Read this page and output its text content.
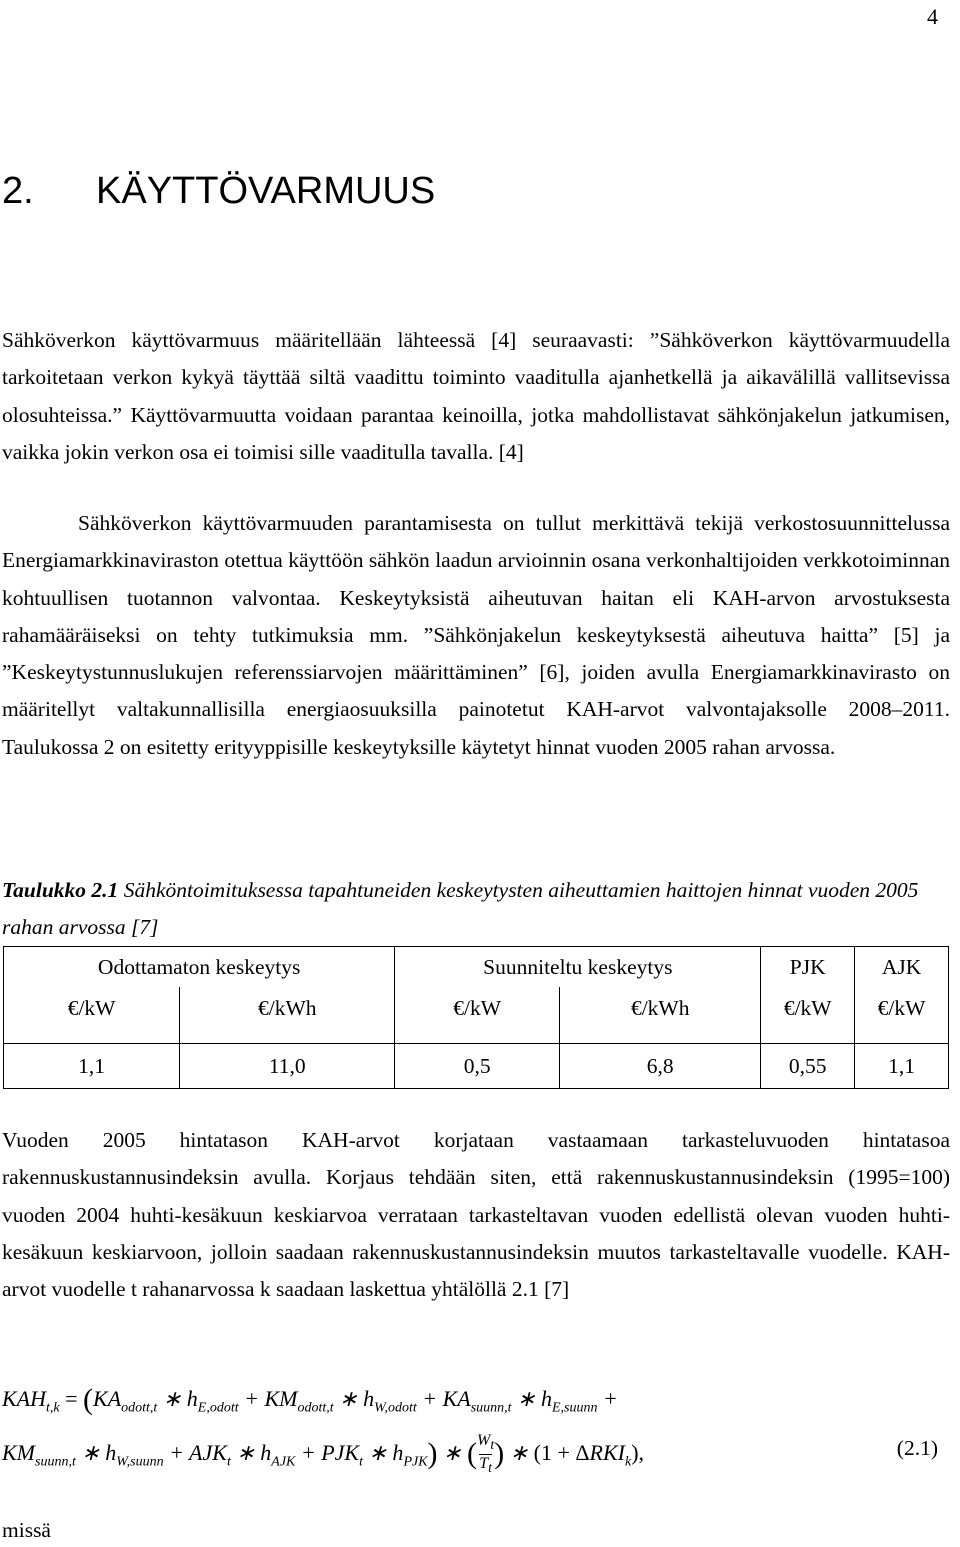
4
2. KÄYTTÖVARMUUS

Sähköverkon käyttövarmuus määritellään lähteessä [4] seuraavasti: ”Sähköverkon käyttövarmuudella tarkoitetaan verkon kykyä täyttää siltä vaadittu toiminto vaaditulla ajanhetkellä ja aikavälillä vallitsevissa olosuhteissa.” Käyttövarmuutta voidaan parantaa keinoilla, jotka mahdollistavat sähkönjakelun jatkumisen, vaikka jokin verkon osa ei toimisi sille vaaditulla tavalla. [4]

Sähköverkon käyttövarmuuden parantamisesta on tullut merkittävä tekijä verkostosuunnittelussa Energiamarkkinaviraston otettua käyttöön sähkön laadun arvioinnin osana verkonhaltijoiden verkkotoiminnan kohtuullisen tuotannon valvontaa. Keskeytyksistä aiheutuvan haitan eli KAH-arvon arvostuksesta rahamääräiseksi on tehty tutkimuksia mm. ”Sähkönjakelun keskeytyksestä aiheutuva haitta” [5] ja ”Keskeytystunnuslukujen referenssiarvojen määrittäminen” [6], joiden avulla Energiamarkkinavirasto on määritellyt valtakunnallisilla energiaosuuksilla painotetut KAH-arvot valvontajaksolle 2008–2011. Taulukossa 2 on esitetty erityyppisille keskeytyksille käytetyt hinnat vuoden 2005 rahan arvossa.

Taulukko 2.1 Sähköntoimituksessa tapahtuneiden keskeytysten aiheuttamien haittojen hinnat vuoden 2005 rahan arvossa [7]

Odottamaton keskeytys		Suunniteltu keskeytys		PJK	AJK
€/kW	€/kWh	€/kW	€/kWh	€/kW	€/kW

1,1	11,0	0,5	6,8	0,55	1,1

Vuoden 2005 hintatason KAH-arvot korjataan vastaamaan tarkasteluvuoden hintatasoa rakennuskustannusindeksin avulla. Korjaus tehdään siten, että rakennuskustannusindeksin (1995=100) vuoden 2004 huhti-kesäkuun keskiarvoa verrataan tarkasteltavan vuoden edellistä olevan vuoden huhti-kesäkuun keskiarvoon, jolloin saadaan rakennuskustannusindeksin muutos tarkasteltavalle vuodelle. KAH-arvot vuodelle t rahanarvossa k saadaan laskettua yhtälöllä 2.1 [7]

$KAH_{t,k} = (KA_{odott,t}$ ∗ $h_{E,odott} + KM_{odott,t}$ ∗ $h_{W,odott} + KA_{suunn,t}$ ∗ $h_{E,suunn}$ +
$KM_{suunn,t}$ ∗ $h_{W,suunn} + AJK_t$ ∗ $h_{AJK} + PJK_t$ ∗ $h_{PJK}$) ∗ $(\frac{W_t}{T_t})$ ∗ $(1 + \Delta RKI_k)$,	(2.1)
missä
